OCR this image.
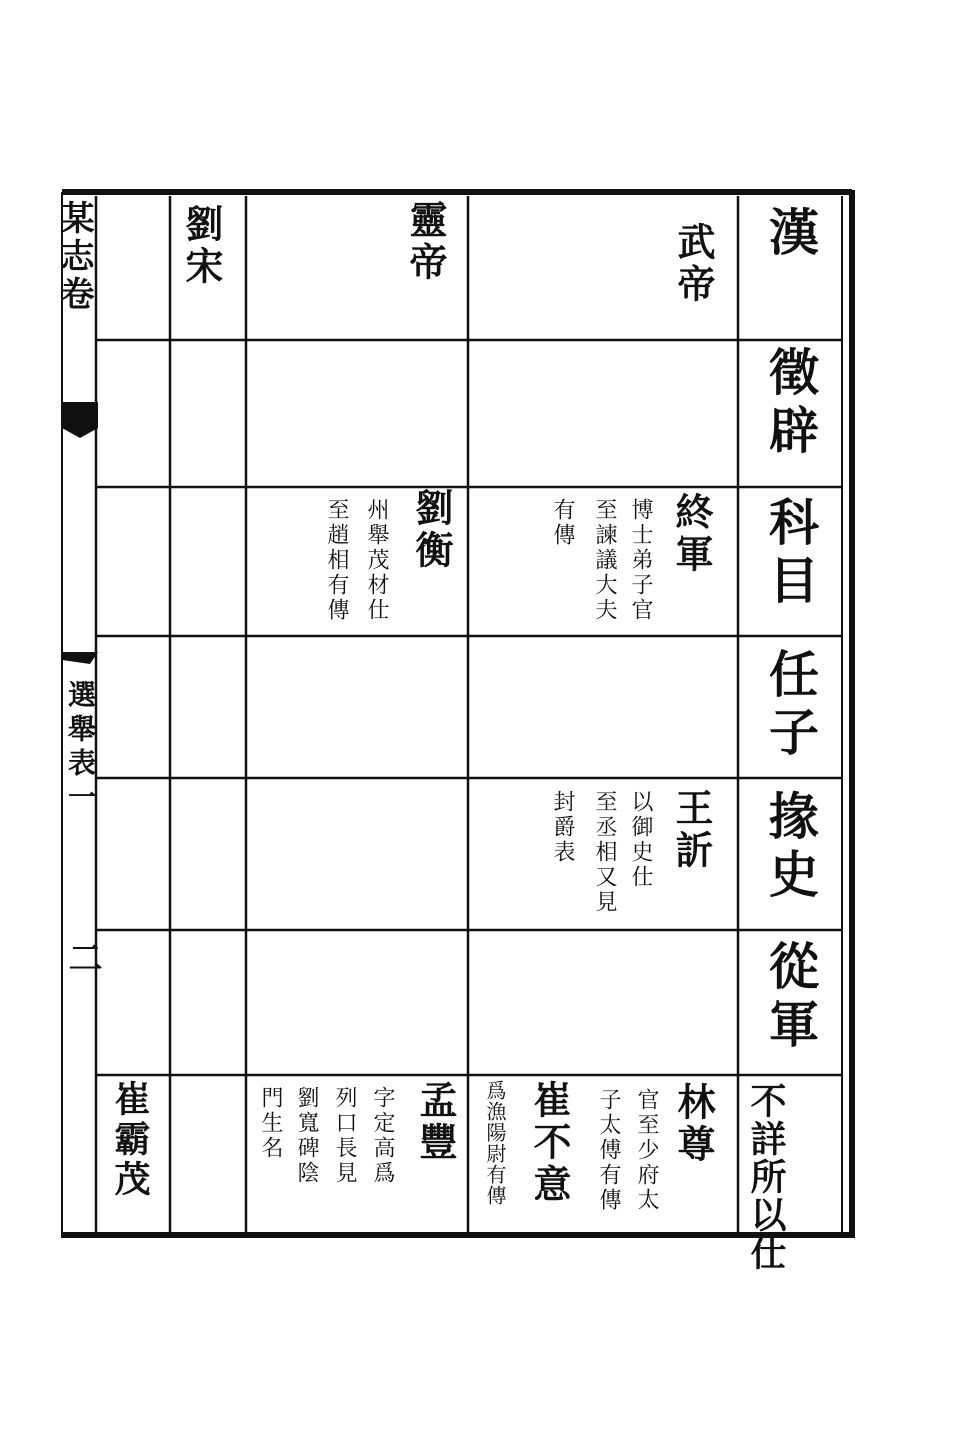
某志卷
選舉表一
二
漢
徵辟
科目
任子
掾史
從軍
不詳所以仕
武帝
靈帝
劉宋
終軍
博士弟子官
至諫議大夫
有傳
劉衡
州舉茂材仕
至趙相有傳
王訢
以御史仕
至丞相又見
封爵表
林尊
官至少府太
子太傅有傳
崔不意
爲漁陽尉有傳
孟豐
字定高爲
列口長見
劉寬碑陰
門生名
崔霸茂
